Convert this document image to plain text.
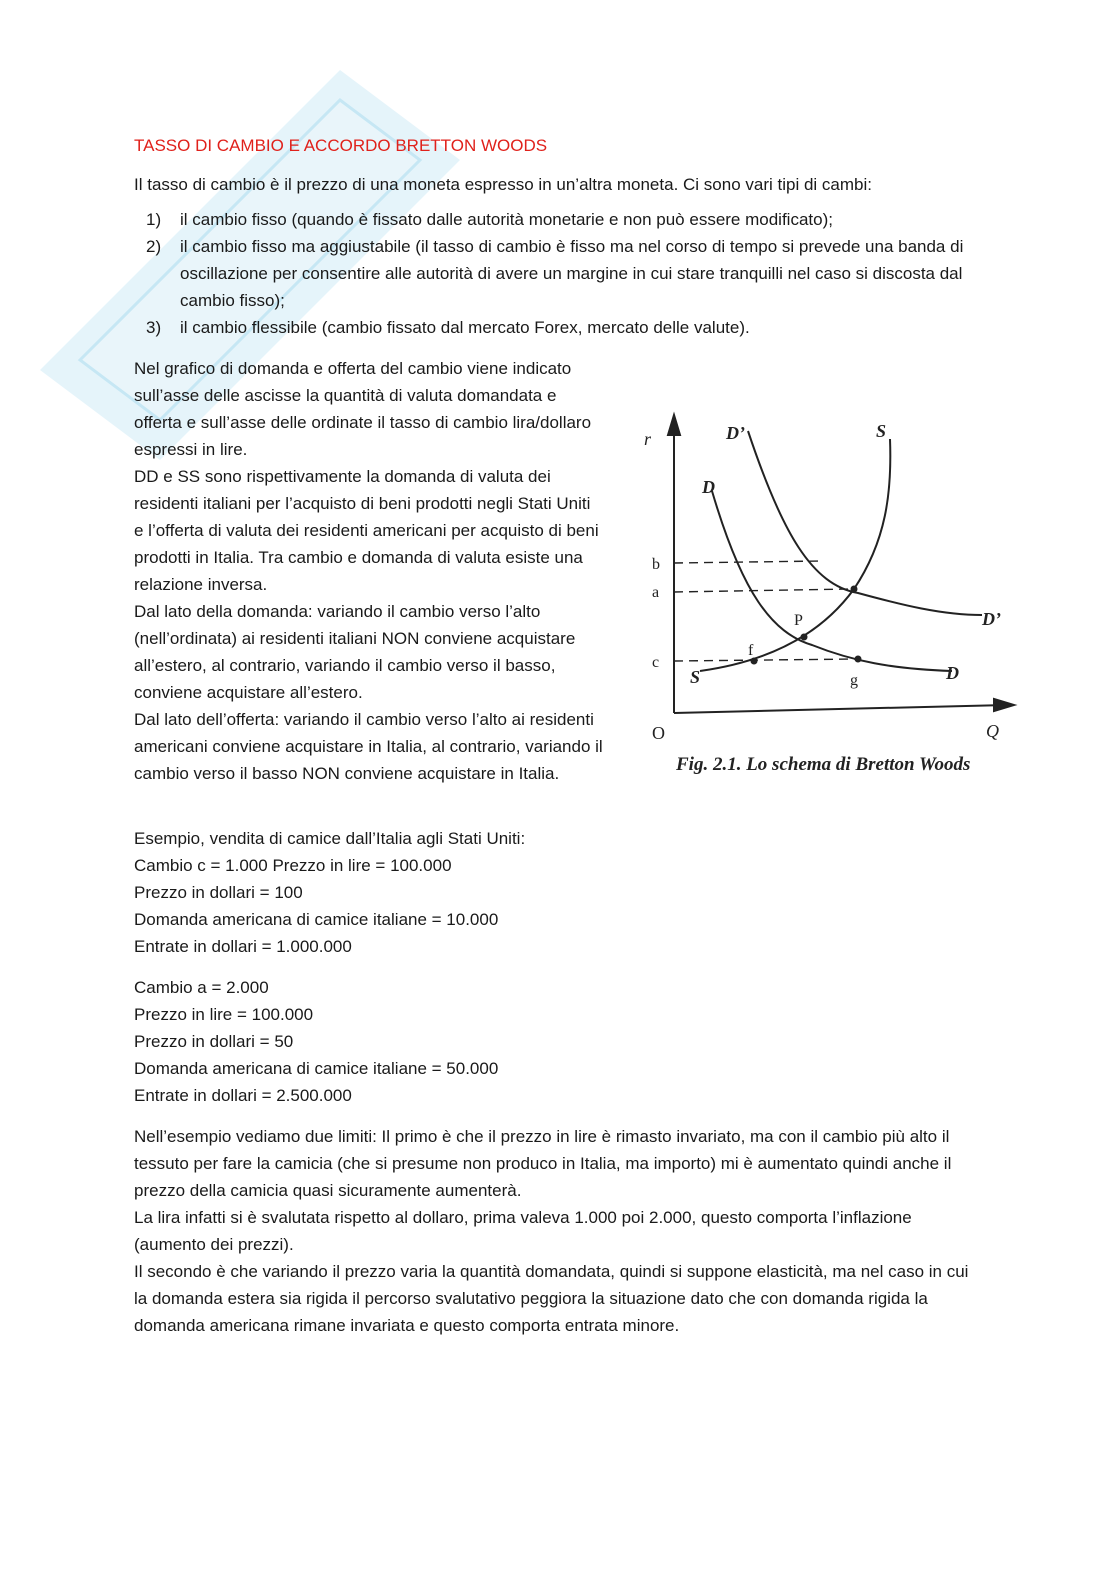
TASSO DI CAMBIO E ACCORDO BRETTON WOODS

Il tasso di cambio è il prezzo di una moneta espresso in un’altra moneta. Ci sono vari tipi di cambi:

1) il cambio fisso (quando è fissato dalle autorità monetarie e non può essere modificato);
2) il cambio fisso ma aggiustabile (il tasso di cambio è fisso ma nel corso di tempo si prevede una banda di oscillazione per consentire alle autorità di avere un margine in cui stare tranquilli nel caso si discosta dal cambio fisso);
3) il cambio flessibile (cambio fissato dal mercato Forex, mercato delle valute).

Nel grafico di domanda e offerta del cambio viene indicato sull’asse delle ascisse la quantità di valuta domandata e offerta e sull’asse delle ordinate il tasso di cambio lira/dollaro espressi in lire.

DD e SS sono rispettivamente la domanda di valuta dei residenti italiani per l’acquisto di beni prodotti negli Stati Uniti e l’offerta di valuta dei residenti americani per acquisto di beni prodotti in Italia. Tra cambio e domanda di valuta esiste una relazione inversa.

Dal lato della domanda: variando il cambio verso l’alto (nell’ordinata) ai residenti italiani NON conviene acquistare all’estero, al contrario, variando il cambio verso il basso, conviene acquistare all’estero.

Dal lato dell’offerta: variando il cambio verso l’alto ai residenti americani conviene acquistare in Italia, al contrario, variando il cambio verso il basso NON conviene acquistare in Italia.

r
Q
O
b
a
c
P
f
g
D
D
D’
D’
S
S
Fig. 2.1. Lo schema di Bretton Woods

Esempio, vendita di camice dall’Italia agli Stati Uniti:

Cambio c = 1.000 Prezzo in lire = 100.000

Prezzo in dollari = 100

Domanda americana di camice italiane = 10.000

Entrate in dollari = 1.000.000

Cambio a = 2.000

Prezzo in lire = 100.000

Prezzo in dollari = 50

Domanda americana di camice italiane = 50.000

Entrate in dollari = 2.500.000

Nell’esempio vediamo due limiti: Il primo è che il prezzo in lire è rimasto invariato, ma con il cambio più alto il tessuto per fare la camicia (che si presume non produco in Italia, ma importo) mi è aumentato quindi anche il prezzo della camicia quasi sicuramente aumenterà.

La lira infatti si è svalutata rispetto al dollaro, prima valeva 1.000 poi 2.000, questo comporta l’inflazione (aumento dei prezzi).

Il secondo è che variando il prezzo varia la quantità domandata, quindi si suppone elasticità, ma nel caso in cui la domanda estera sia rigida il percorso svalutativo peggiora la situazione dato che con domanda rigida la domanda americana rimane invariata e questo comporta entrata minore.
